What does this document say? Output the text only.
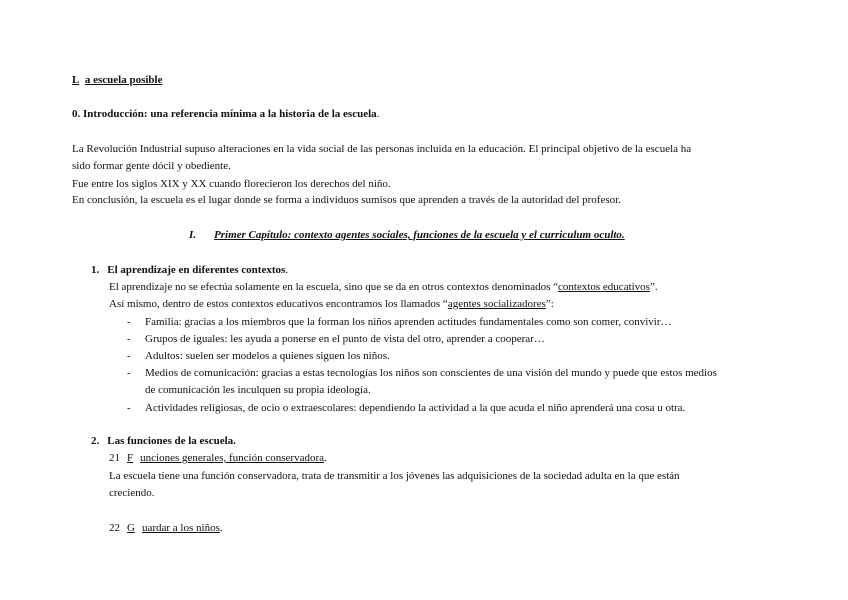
L a escuela posible
0. Introducción: una referencia mínima a la historia de la escuela.
La Revolución Industrial supuso alteraciones en la vida social de las personas incluida en la educación. El principal objetivo de la escuela ha
sido formar gente dócil y obediente.
Fue entre los siglos XIX y XX cuando florecieron los derechos del niño.
En conclusión, la escuela es el lugar donde se forma a individuos sumisos que aprenden a través de la autoridad del profesor.
I. Primer Capítulo: contexto agentes sociales, funciones de la escuela y el curriculum oculto.
1. El aprendizaje en diferentes contextos.
El aprendizaje no se efectúa solamente en la escuela, sino que se da en otros contextos denominados “contextos educativos”.
Así mismo, dentro de estos contextos educativos encontramos los llamados “agentes socializadores”:
- Familia: gracias a los miembros que la forman los niños aprenden actitudes fundamentales como son comer, convivir…
- Grupos de iguales: les ayuda a ponerse en el punto de vista del otro, aprender a cooperar…
- Adultos: suelen ser modelos a quienes siguen los niños.
- Medios de comunicación: gracias a estas tecnologías los niños son conscientes de una visión del mundo y puede que estos medios
de comunicación les inculquen su propia ideología.
- Actividades religiosas, de ocio o extraescolares: dependiendo la actividad a la que acuda el niño aprenderá una cosa u otra.
2. Las funciones de la escuela.
21 F unciones generales, función conservadora.
La escuela tiene una función conservadora, trata de transmitir a los jóvenes las adquisiciones de la sociedad adulta en la que están
creciendo.
22 G uardar a los niños.
